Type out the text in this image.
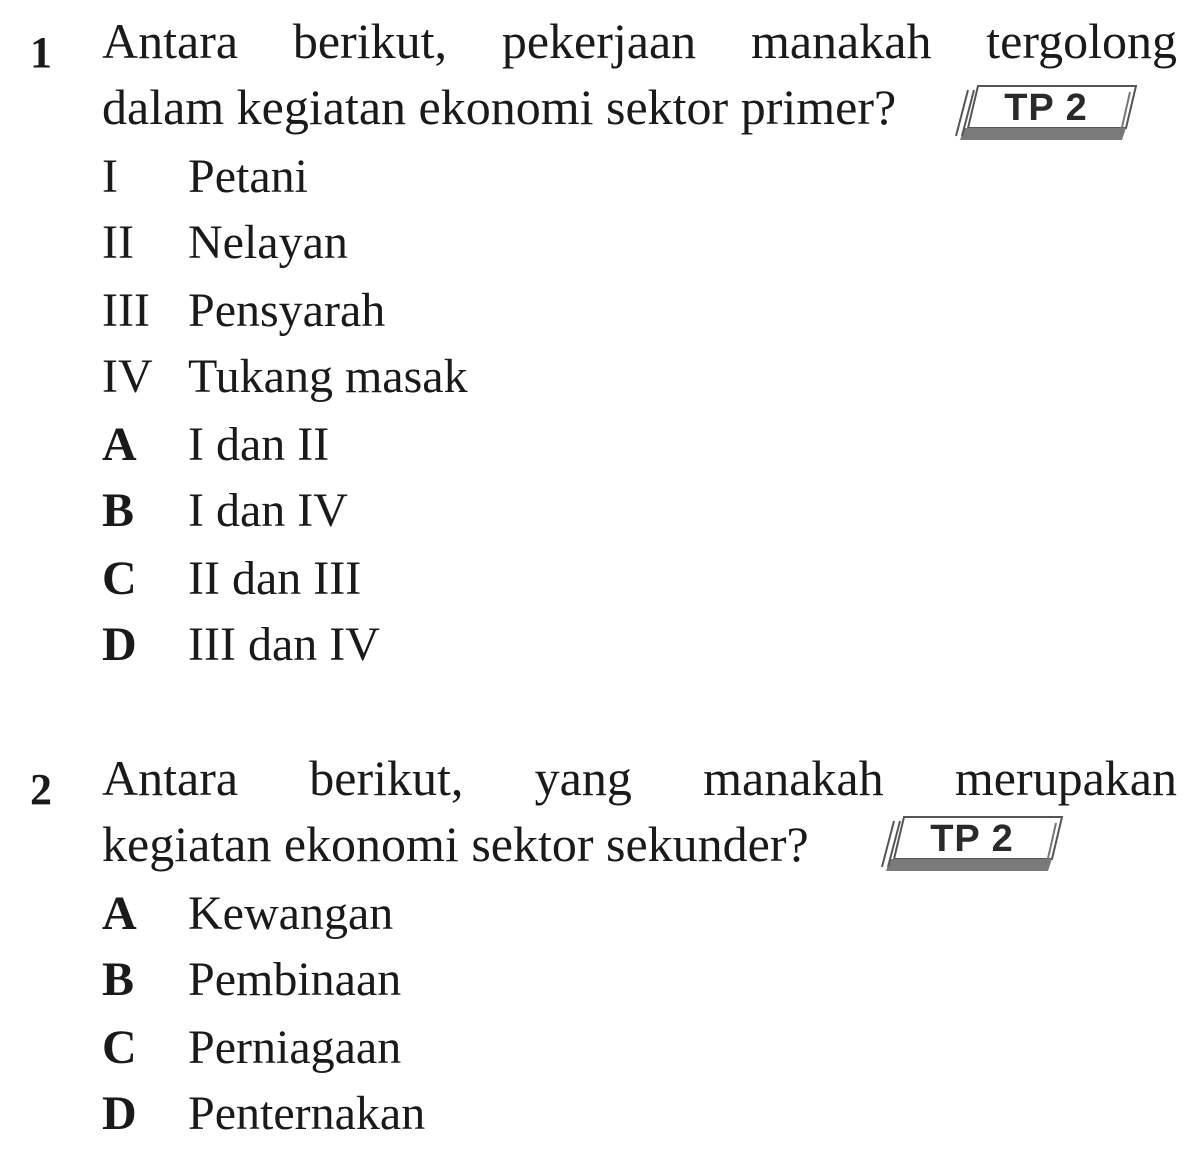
1 Antara berikut, pekerjaan manakah tergolong
dalam kegiatan ekonomi sektor primer?	TP 2
I Petani
II Nelayan
III Pensyarah
IV Tukang masak
A I dan II
B I dan IV
C II dan III
D III dan IV
2 Antara berikut, yang manakah merupakan
kegiatan ekonomi sektor sekunder?	TP 2
A Kewangan
B Pembinaan
C Perniagaan
D Penternakan
